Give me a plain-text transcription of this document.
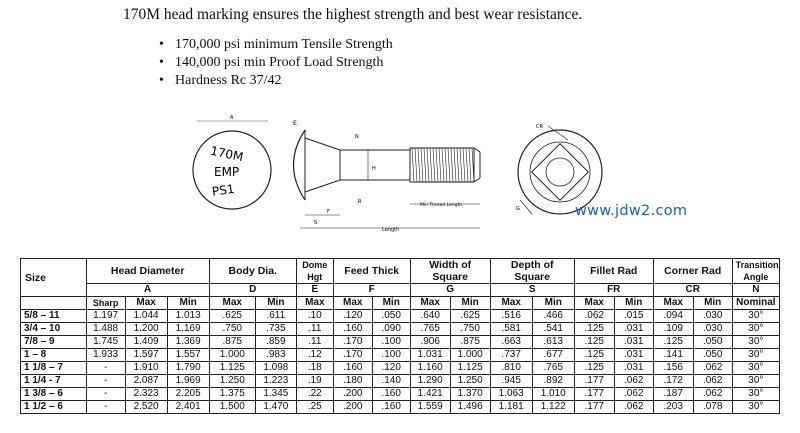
170M head marking ensures the highest strength and best wear resistance.
• 170,000 psi minimum Tensile Strength
• 140,000 psi min Proof Load Strength
• Hardness Rc 37/42
A
170M
EMP
PS1
E
N
H
R
F
S
Min Thread Length
Length
CR
G	www.jdw2.com
Size	Head Diameter			Body Dia.		Dome Hgt	Feed Thick		Width of Square		Depth of Square		Fillet Rad		Corner Rad		Transition Angle
	A			D		E	F		G		S		FR		CR		N
	Sharp	Max	Min	Max	Min	Max	Max	Min	Max	Min	Max	Min	Max	Min	Max	Min	Nominal
5/8 – 11	1.197	1.044	1.013	.625	.611	.10	.120	.050	.640	.625	.516	.466	.062	.015	.094	.030	30°
3/4 – 10	1.488	1.200	1.169	.750	.735	.11	.160	.090	.765	.750	.581	.541	.125	.031	.109	.030	30°
7/8 – 9	1.745	1.409	1.369	.875	.859	.11	.170	.100	.906	.875	.663	.613	.125	.031	.125	.050	30°
1 – 8	1.933	1.597	1.557	1.000	.983	.12	.170	.100	1.031	1.000	.737	.677	.125	.031	.141	.050	30°
1 1/8 – 7	-	1.910	1.790	1.125	1.098	.18	.160	.120	1.160	1.125	.810	.765	.125	.031	.156	.062	30°
1 1/4 - 7	-	2.087	1.969	1.250	1.223	.19	.180	.140	1.290	1.250	.945	.892	.177	.062	.172	.062	30°
1 3/8 – 6	-	2.323	2.205	1.375	1.345	.22	.200	.160	1.421	1.370	1.063	1.010	.177	.062	.187	.062	30°
1 1/2 – 6	-	2.520	2.401	1.500	1.470	.25	.200	.160	1.559	1.496	1.181	1.122	.177	.062	.203	.078	30°
